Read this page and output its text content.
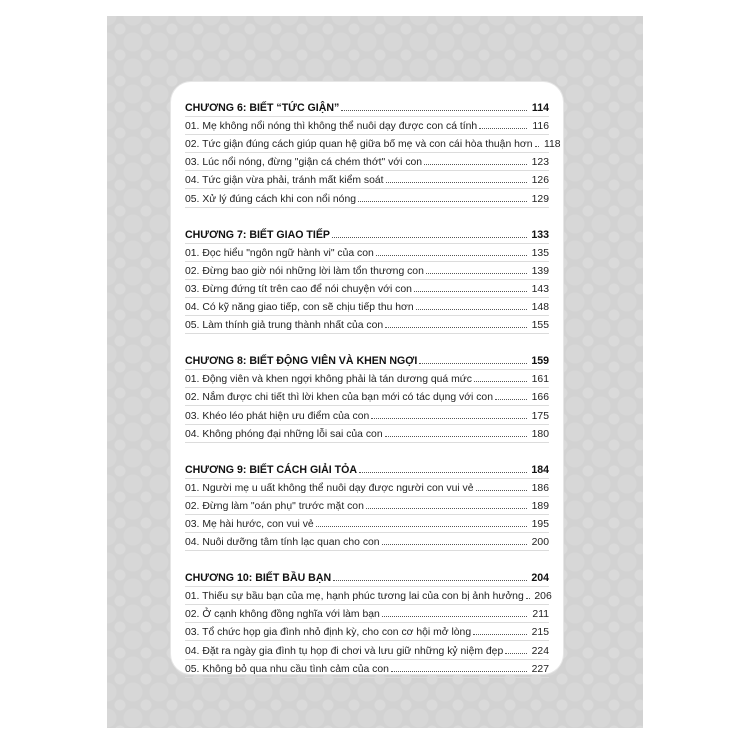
CHƯƠNG 6: BIẾT “TỨC GIẬN”	114
01. Mẹ không nổi nóng thì không thể nuôi dạy được con cá tính	116
02. Tức giận đúng cách giúp quan hệ giữa bố mẹ và con cái hòa thuận hơn	118
03. Lúc nổi nóng, đừng "giận cá chém thớt" với con	123
04. Tức giận vừa phải, tránh mất kiểm soát	126
05. Xử lý đúng cách khi con nổi nóng	129
CHƯƠNG 7: BIẾT GIAO TIẾP	133
01. Đọc hiểu "ngôn ngữ hành vi" của con	135
02. Đừng bao giờ nói những lời làm tổn thương con	139
03. Đừng đứng tít trên cao để nói chuyện với con	143
04. Có kỹ năng giao tiếp, con sẽ chịu tiếp thu hơn	148
05. Làm thính giả trung thành nhất của con	155
CHƯƠNG 8: BIẾT ĐỘNG VIÊN VÀ KHEN NGỢI	159
01. Động viên và khen ngợi không phải là tán dương quá mức	161
02. Nắm được chi tiết thì lời khen của bạn mới có tác dụng với con	166
03. Khéo léo phát hiện ưu điểm của con	175
04. Không phóng đại những lỗi sai của con	180
CHƯƠNG 9: BIẾT CÁCH GIẢI TỎA	184
01. Người mẹ u uất không thể nuôi dạy được người con vui vẻ	186
02. Đừng làm "oán phụ" trước mặt con	189
03. Mẹ hài hước, con vui vẻ	195
04. Nuôi dưỡng tâm tính lạc quan cho con	200
CHƯƠNG 10: BIẾT BẦU BẠN	204
01. Thiếu sự bầu bạn của mẹ, hạnh phúc tương lai của con bị ảnh hưởng 206
02. Ở cạnh không đồng nghĩa với làm bạn	211
03. Tổ chức họp gia đình nhỏ định kỳ, cho con cơ hội mở lòng	215
04. Đặt ra ngày gia đình tụ họp đi chơi và lưu giữ những kỷ niệm đẹp	224
05. Không bỏ qua nhu cầu tình cảm của con	227
